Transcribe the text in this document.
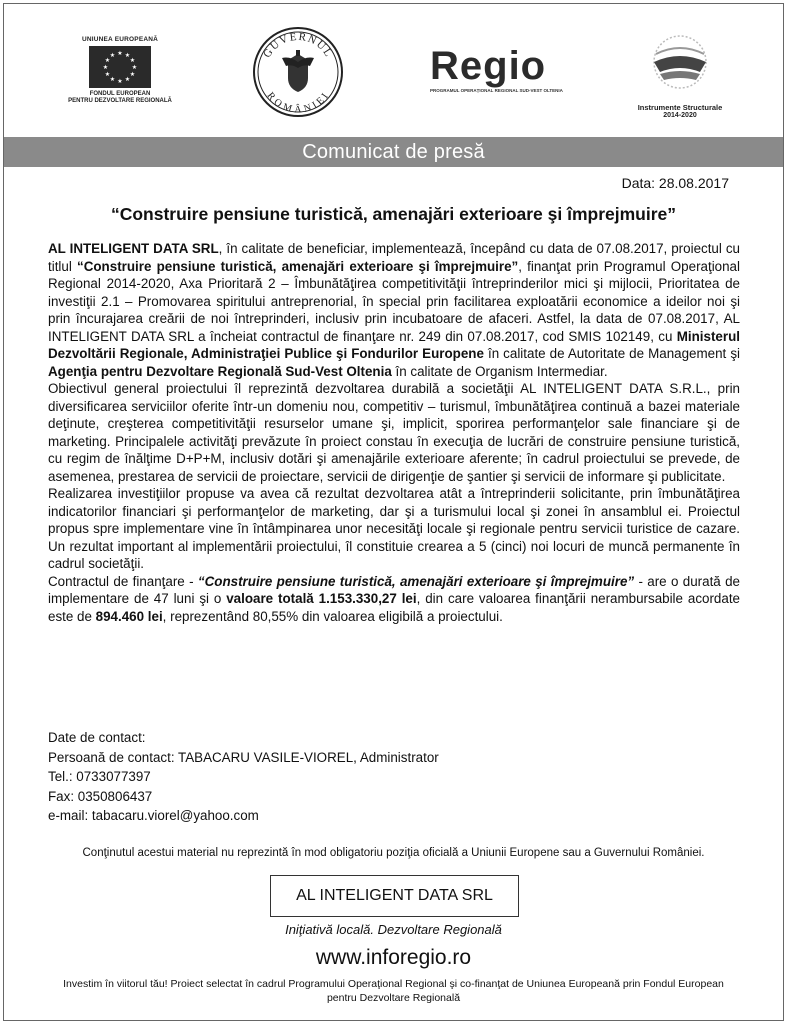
UNIUNEA EUROPEANĂ
★ ★
★
★
★
★
★
★
★
★
★
★
FONDUL EUROPEAN
PENTRU DEZVOLTARE REGIONALĂ
GUVERNUL
ROMÂNIEI
Regio
PROGRAMUL OPERAȚIONAL REGIONAL SUD-VEST OLTENIA
Instrumente Structurale
2014-2020
Comunicat de presă
Data: 28.08.2017
“Construire pensiune turistică, amenajări exterioare şi împrejmuire”

AL INTELIGENT DATA SRL, în calitate de beneficiar, implementează, începând cu data de 07.08.2017, proiectul cu titlul “Construire pensiune turistică, amenajări exterioare şi împrejmuire”, finanţat prin Programul Operaţional Regional 2014-2020, Axa Prioritară 2 – Îmbunătăţirea competitivităţii întreprinderilor mici şi mijlocii, Prioritatea de investiţii 2.1 – Promovarea spiritului antreprenorial, în special prin facilitarea exploatării economice a ideilor noi şi prin încurajarea creării de noi întreprinderi, inclusiv prin incubatoare de afaceri. Astfel, la data de 07.08.2017, AL INTELIGENT DATA SRL a încheiat contractul de finanţare nr. 249 din 07.08.2017, cod SMIS 102149, cu Ministerul Dezvoltării Regionale, Administraţiei Publice şi Fondurilor Europene în calitate de Autoritate de Management şi Agenţia pentru Dezvoltare Regională Sud-Vest Oltenia în calitate de Organism Intermediar.

Obiectivul general proiectului îl reprezintă dezvoltarea durabilă a societăţii AL INTELIGENT DATA S.R.L., prin diversificarea serviciilor oferite într-un domeniu nou, competitiv – turismul, îmbunătăţirea continuă a bazei materiale deţinute, creşterea competitivităţii resurselor umane şi, implicit, sporirea performanţelor sale financiare şi de marketing. Principalele activităţi prevăzute în proiect constau în execuţia de lucrări de construire pensiune turistică, cu regim de înălţime D+P+M, inclusiv dotări şi amenajările exterioare aferente; în cadrul proiectului se prevede, de asemenea, prestarea de servicii de proiectare, servicii de dirigenţie de şantier şi servicii de informare şi publicitate.

Realizarea investiţiilor propuse va avea că rezultat dezvoltarea atât a întreprinderii solicitante, prin îmbunătăţirea indicatorilor financiari şi performanţelor de marketing, dar şi a turismului local şi zonei în ansamblul ei. Proiectul propus spre implementare vine în întâmpinarea unor necesităţi locale şi regionale pentru servicii turistice de cazare. Un rezultat important al implementării proiectului, îl constituie crearea a 5 (cinci) noi locuri de muncă permanente în cadrul societăţii.

Contractul de finanţare - “Construire pensiune turistică, amenajări exterioare şi împrejmuire” - are o durată de implementare de 47 luni şi o valoare totală 1.153.330,27 lei, din care valoarea finanţării nerambursabile acordate este de 894.460 lei, reprezentând 80,55% din valoarea eligibilă a proiectului.

Date de contact:
Persoană de contact: TABACARU VASILE-VIOREL, Administrator
Tel.: 0733077397
Fax: 0350806437
e-mail: tabacaru.viorel@yahoo.com
Conţinutul acestui material nu reprezintă în mod obligatoriu poziţia oficială a Uniunii Europene sau a Guvernului României.
AL INTELIGENT DATA SRL
Iniţiativă locală. Dezvoltare Regională
www.inforegio.ro
Investim în viitorul tău! Proiect selectat în cadrul Programului Operaţional Regional şi co-finanţat de Uniunea Europeană prin Fondul European pentru Dezvoltare Regională
